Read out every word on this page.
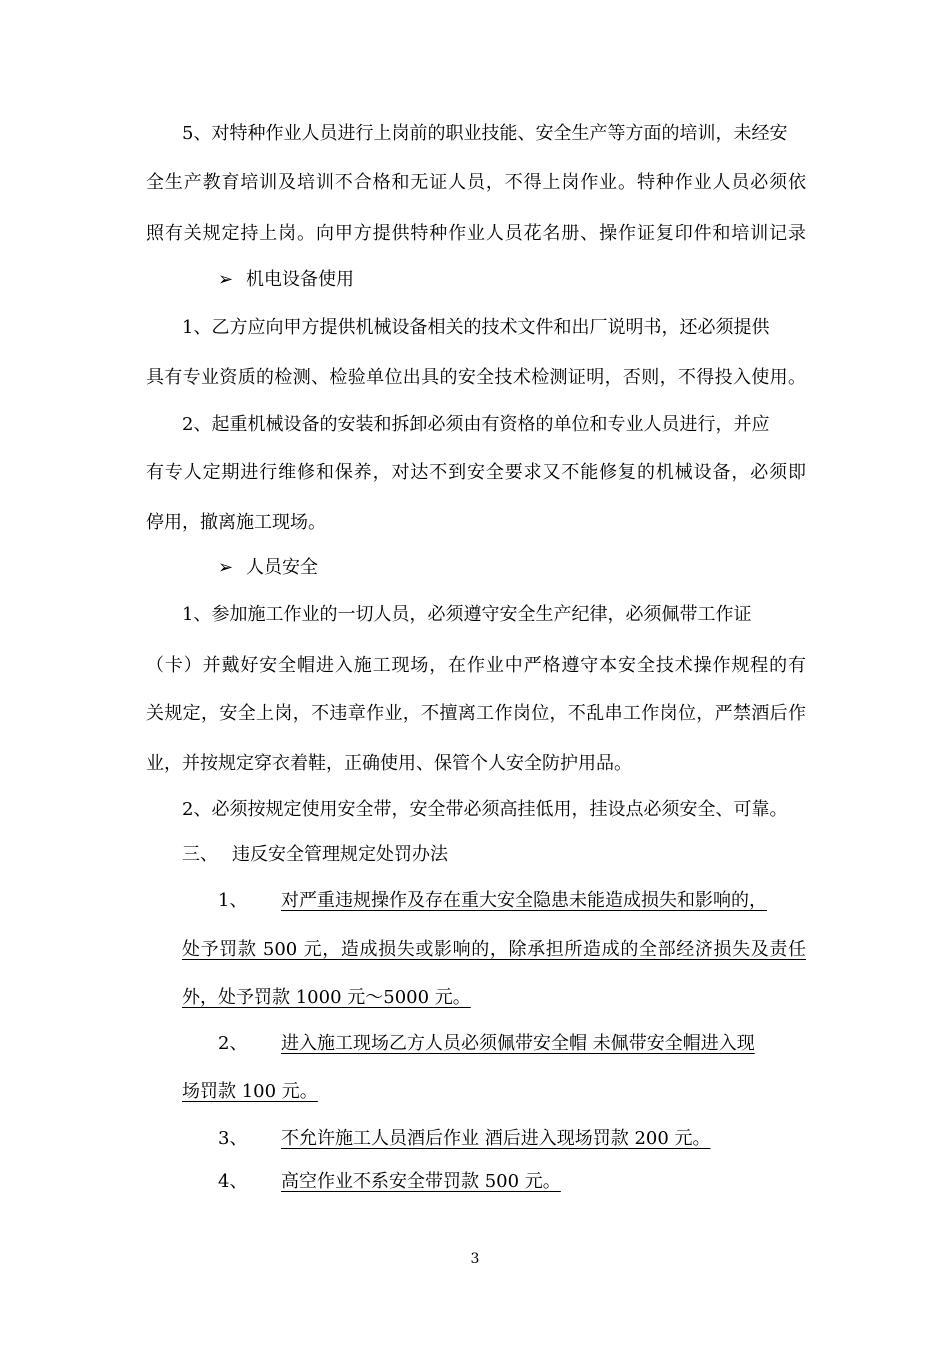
5、对特种作业人员进行上岗前的职业技能、安全生产等方面的培训，未经安
全生产教育培训及培训不合格和无证人员，不得上岗作业。特种作业人员必须依
照有关规定持上岗。向甲方提供特种作业人员花名册、操作证复印件和培训记录
➢ 机电设备使用
1、乙方应向甲方提供机械设备相关的技术文件和出厂说明书，还必须提供
具有专业资质的检测、检验单位出具的安全技术检测证明，否则，不得投入使用。
2、起重机械设备的安装和拆卸必须由有资格的单位和专业人员进行，并应
有专人定期进行维修和保养，对达不到安全要求又不能修复的机械设备，必须即
停用，撤离施工现场。
➢ 人员安全
1、参加施工作业的一切人员，必须遵守安全生产纪律，必须佩带工作证
（卡）并戴好安全帽进入施工现场，在作业中严格遵守本安全技术操作规程的有
关规定，安全上岗，不违章作业，不擅离工作岗位，不乱串工作岗位，严禁酒后作
业，并按规定穿衣着鞋，正确使用、保管个人安全防护用品。
2、必须按规定使用安全带，安全带必须高挂低用，挂设点必须安全、可靠。
三、 违反安全管理规定处罚办法
1、 对严重违规操作及存在重大安全隐患未能造成损失和影响的，
处予罚款 500 元，造成损失或影响的，除承担所造成的全部经济损失及责任
外，处予罚款 1000 元～5000 元。
2、 进入施工现场乙方人员必须佩带安全帽 未佩带安全帽进入现
场罚款 100 元。
3、 不允许施工人员酒后作业 酒后进入现场罚款 200 元。
4、 高空作业不系安全带罚款 500 元。
3
